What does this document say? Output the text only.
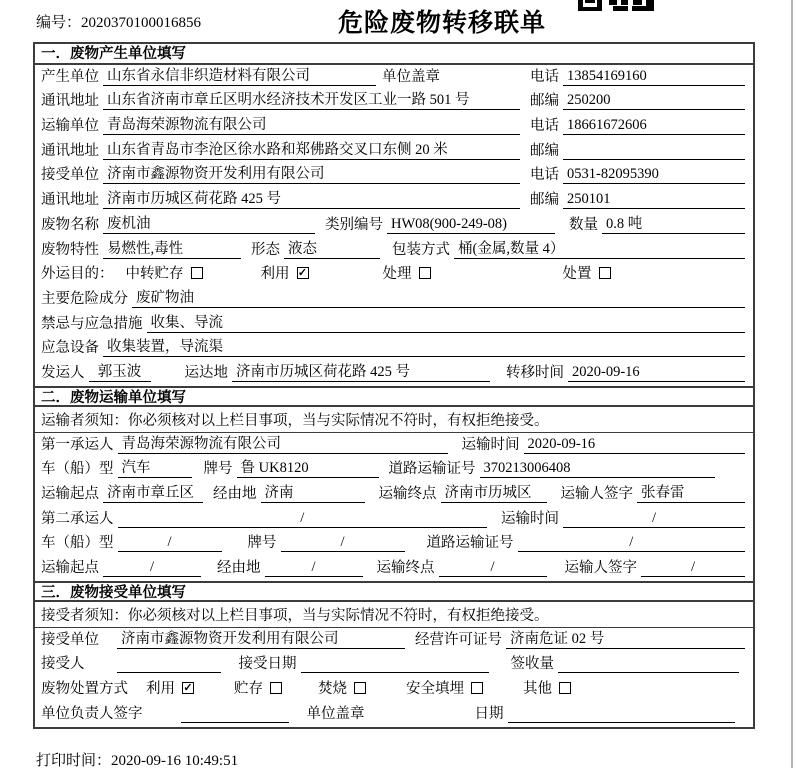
编号：2020370100016856	危险废物转移联单
一．废物产生单位填写
产生单位 山东省永信非织造材料有限公司	单位盖章	电话 13854169160
通讯地址 山东省济南市章丘区明水经济技术开发区工业一路 501 号	邮编 250200
运输单位 青岛海荣源物流有限公司	电话 18661672606
通讯地址 山东省青岛市李沧区徐水路和郑佛路交叉口东侧 20 米	邮编
接受单位 济南市鑫源物资开发利用有限公司	电话 0531-82095390
通讯地址 济南市历城区荷花路 425 号	邮编 250101
废物名称 废机油	类别编号 HW08(900-249-08)	数量 0.8 吨
废物特性 易燃性,毒性	形态 液态	包装方式 桶(金属,数量 4）
外运目的： 中转贮存	利用 ✓	处理	处置
主要危险成分 废矿物油
禁忌与应急措施 收集、导流
应急设备 收集装置，导流渠
发运人 郭玉波	运达地 济南市历城区荷花路 425 号	转移时间 2020-09-16
二．废物运输单位填写
运输者须知： 你必须核对以上栏目事项，当与实际情况不符时，有权拒绝接受。
第一承运人 青岛海荣源物流有限公司	运输时间 2020-09-16
车（船）型 汽车	牌号 鲁 UK8120	道路运输证号 370213006408
运输起点 济南市章丘区	经由地 济南	运输终点 济南市历城区	运输人签字 张春雷
第二承运人	/	运输时间	/
车（船）型	/	牌号	/	道路运输证号	/
运输起点	/	经由地	/	运输终点	/	运输人签字	/
三．废物接受单位填写
接受者须知： 你必须核对以上栏目事项，当与实际情况不符时，有权拒绝接受。
接受单位 济南市鑫源物资开发利用有限公司	经营许可证号 济南危证 02 号
接受人	接受日期	签收量
废物处置方式 利用 ✓	贮存	焚烧	安全填埋	其他
单位负责人签字	单位盖章	日期
打印时间：2020-09-16 10:49:51
